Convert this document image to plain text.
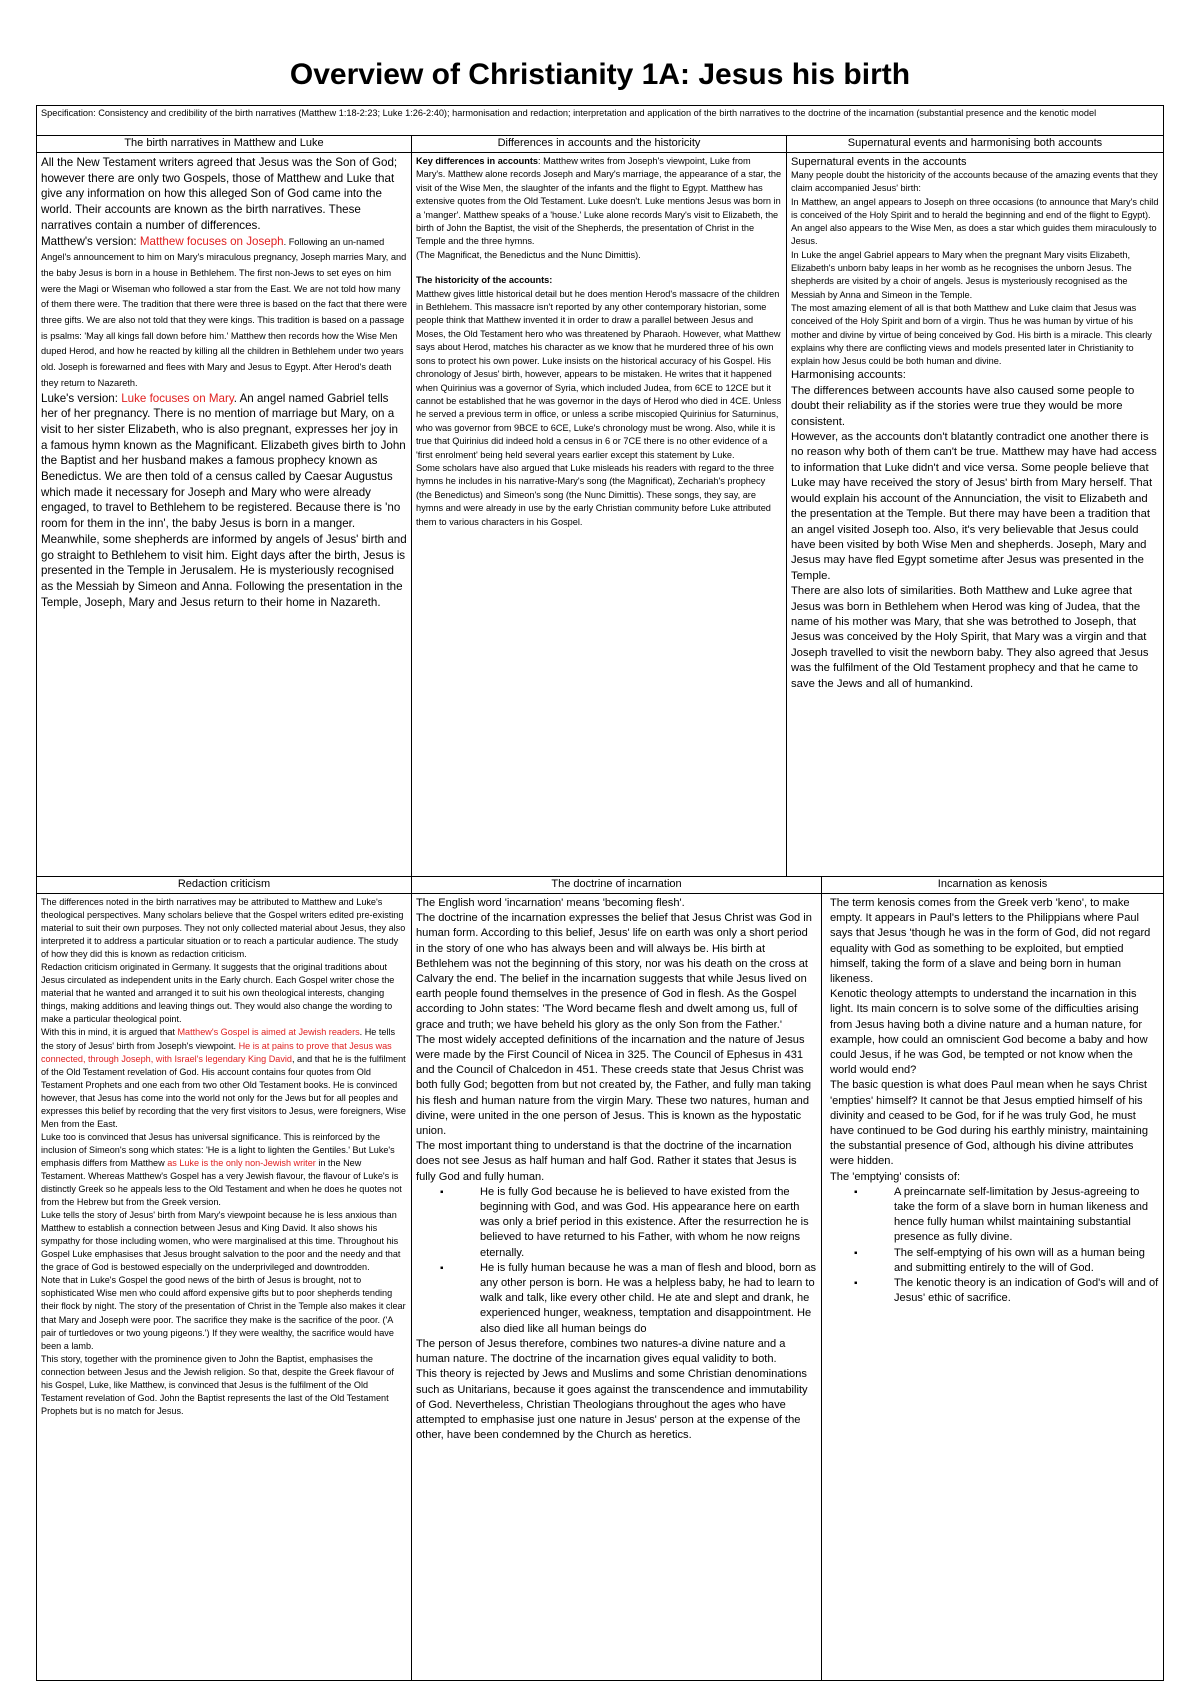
Overview of Christianity 1A: Jesus his birth
Specification: Consistency and credibility of the birth narratives (Matthew 1:18-2:23; Luke 1:26-2:40); harmonisation and redaction; interpretation and application of the birth narratives to the doctrine of the incarnation (substantial presence and the kenotic model
The birth narratives in Matthew and Luke

All the New Testament writers agreed that Jesus was the Son of God; however there are only two Gospels, those of Matthew and Luke that give any information on how this alleged Son of God came into the world. Their accounts are known as the birth narratives. These narratives contain a number of differences.

Matthew's version: Matthew focuses on Joseph. Following an un-named Angel's announcement to him on Mary's miraculous pregnancy, Joseph marries Mary, and the baby Jesus is born in a house in Bethlehem. The first non-Jews to set eyes on him were the Magi or Wiseman who followed a star from the East. We are not told how many of them there were. The tradition that there were three is based on the fact that there were three gifts. We are also not told that they were kings. This tradition is based on a passage is psalms: 'May all kings fall down before him.' Matthew then records how the Wise Men duped Herod, and how he reacted by killing all the children in Bethlehem under two years old. Joseph is forewarned and flees with Mary and Jesus to Egypt. After Herod's death they return to Nazareth.

Luke's version: Luke focuses on Mary. An angel named Gabriel tells her of her pregnancy. There is no mention of marriage but Mary, on a visit to her sister Elizabeth, who is also pregnant, expresses her joy in a famous hymn known as the Magnificant. Elizabeth gives birth to John the Baptist and her husband makes a famous prophecy known as Benedictus. We are then told of a census called by Caesar Augustus which made it necessary for Joseph and Mary who were already engaged, to travel to Bethlehem to be registered. Because there is 'no room for them in the inn', the baby Jesus is born in a manger. Meanwhile, some shepherds are informed by angels of Jesus' birth and go straight to Bethlehem to visit him. Eight days after the birth, Jesus is presented in the Temple in Jerusalem. He is mysteriously recognised as the Messiah by Simeon and Anna. Following the presentation in the Temple, Joseph, Mary and Jesus return to their home in Nazareth.

Differences in accounts and the historicity

Key differences in accounts: Matthew writes from Joseph's viewpoint, Luke from Mary's. Matthew alone records Joseph and Mary's marriage, the appearance of a star, the visit of the Wise Men, the slaughter of the infants and the flight to Egypt. Matthew has extensive quotes from the Old Testament. Luke doesn't. Luke mentions Jesus was born in a 'manger'. Matthew speaks of a 'house.' Luke alone records Mary's visit to Elizabeth, the birth of John the Baptist, the visit of the Shepherds, the presentation of Christ in the Temple and the three hymns.

(The Magnificat, the Benedictus and the Nunc Dimittis).

The historicity of the accounts:

Matthew gives little historical detail but he does mention Herod's massacre of the children in Bethlehem. This massacre isn't reported by any other contemporary historian, some people think that Matthew invented it in order to draw a parallel between Jesus and Moses, the Old Testament hero who was threatened by Pharaoh. However, what Matthew says about Herod, matches his character as we know that he murdered three of his own sons to protect his own power. Luke insists on the historical accuracy of his Gospel. His chronology of Jesus' birth, however, appears to be mistaken. He writes that it happened when Quirinius was a governor of Syria, which included Judea, from 6CE to 12CE but it cannot be established that he was governor in the days of Herod who died in 4CE. Unless he served a previous term in office, or unless a scribe miscopied Quirinius for Saturninus, who was governor from 9BCE to 6CE, Luke's chronology must be wrong. Also, while it is true that Quirinius did indeed hold a census in 6 or 7CE there is no other evidence of a 'first enrolment' being held several years earlier except this statement by Luke.

Some scholars have also argued that Luke misleads his readers with regard to the three hymns he includes in his narrative-Mary's song (the Magnificat), Zechariah's prophecy (the Benedictus) and Simeon's song (the Nunc Dimittis). These songs, they say, are hymns and were already in use by the early Christian community before Luke attributed them to various characters in his Gospel.

Supernatural events and harmonising both accounts

Supernatural events in the accounts

Many people doubt the historicity of the accounts because of the amazing events that they claim accompanied Jesus' birth:

In Matthew, an angel appears to Joseph on three occasions (to announce that Mary's child is conceived of the Holy Spirit and to herald the beginning and end of the flight to Egypt). An angel also appears to the Wise Men, as does a star which guides them miraculously to Jesus.

In Luke the angel Gabriel appears to Mary when the pregnant Mary visits Elizabeth, Elizabeth's unborn baby leaps in her womb as he recognises the unborn Jesus. The shepherds are visited by a choir of angels. Jesus is mysteriously recognised as the Messiah by Anna and Simeon in the Temple.

The most amazing element of all is that both Matthew and Luke claim that Jesus was conceived of the Holy Spirit and born of a virgin. Thus he was human by virtue of his mother and divine by virtue of being conceived by God. His birth is a miracle. This clearly explains why there are conflicting views and models presented later in Christianity to explain how Jesus could be both human and divine.

Harmonising accounts:

The differences between accounts have also caused some people to doubt their reliability as if the stories were true they would be more consistent.

However, as the accounts don't blatantly contradict one another there is no reason why both of them can't be true. Matthew may have had access to information that Luke didn't and vice versa. Some people believe that Luke may have received the story of Jesus' birth from Mary herself. That would explain his account of the Annunciation, the visit to Elizabeth and the presentation at the Temple. But there may have been a tradition that an angel visited Joseph too. Also, it's very believable that Jesus could have been visited by both Wise Men and shepherds. Joseph, Mary and Jesus may have fled Egypt sometime after Jesus was presented in the Temple.

There are also lots of similarities. Both Matthew and Luke agree that Jesus was born in Bethlehem when Herod was king of Judea, that the name of his mother was Mary, that she was betrothed to Joseph, that Jesus was conceived by the Holy Spirit, that Mary was a virgin and that Joseph travelled to visit the newborn baby. They also agreed that Jesus was the fulfilment of the Old Testament prophecy and that he came to save the Jews and all of humankind.

Redaction criticism

The differences noted in the birth narratives may be attributed to Matthew and Luke's theological perspectives. Many scholars believe that the Gospel writers edited pre-existing material to suit their own purposes. They not only collected material about Jesus, they also interpreted it to address a particular situation or to reach a particular audience. The study of how they did this is known as redaction criticism.

Redaction criticism originated in Germany. It suggests that the original traditions about Jesus circulated as independent units in the Early church. Each Gospel writer chose the material that he wanted and arranged it to suit his own theological interests, changing things, making additions and leaving things out. They would also change the wording to make a particular theological point.

With this in mind, it is argued that Matthew's Gospel is aimed at Jewish readers. He tells the story of Jesus' birth from Joseph's viewpoint. He is at pains to prove that Jesus was connected, through Joseph, with Israel's legendary King David, and that he is the fulfilment of the Old Testament revelation of God. His account contains four quotes from Old Testament Prophets and one each from two other Old Testament books. He is convinced however, that Jesus has come into the world not only for the Jews but for all peoples and expresses this belief by recording that the very first visitors to Jesus, were foreigners, Wise Men from the East.

Luke too is convinced that Jesus has universal significance. This is reinforced by the inclusion of Simeon's song which states: 'He is a light to lighten the Gentiles.' But Luke's emphasis differs from Matthew as Luke is the only non-Jewish writer in the New Testament. Whereas Matthew's Gospel has a very Jewish flavour, the flavour of Luke's is distinctly Greek so he appeals less to the Old Testament and when he does he quotes not from the Hebrew but from the Greek version.

Luke tells the story of Jesus' birth from Mary's viewpoint because he is less anxious than Matthew to establish a connection between Jesus and King David. It also shows his sympathy for those including women, who were marginalised at this time. Throughout his Gospel Luke emphasises that Jesus brought salvation to the poor and the needy and that the grace of God is bestowed especially on the underprivileged and downtrodden.

Note that in Luke's Gospel the good news of the birth of Jesus is brought, not to sophisticated Wise men who could afford expensive gifts but to poor shepherds tending their flock by night. The story of the presentation of Christ in the Temple also makes it clear that Mary and Joseph were poor. The sacrifice they make is the sacrifice of the poor. ('A pair of turtledoves or two young pigeons.') If they were wealthy, the sacrifice would have been a lamb.

This story, together with the prominence given to John the Baptist, emphasises the connection between Jesus and the Jewish religion. So that, despite the Greek flavour of his Gospel, Luke, like Matthew, is convinced that Jesus is the fulfilment of the Old Testament revelation of God. John the Baptist represents the last of the Old Testament Prophets but is no match for Jesus.

The doctrine of incarnation

The English word 'incarnation' means 'becoming flesh'.

The doctrine of the incarnation expresses the belief that Jesus Christ was God in human form. According to this belief, Jesus' life on earth was only a short period in the story of one who has always been and will always be. His birth at Bethlehem was not the beginning of this story, nor was his death on the cross at Calvary the end. The belief in the incarnation suggests that while Jesus lived on earth people found themselves in the presence of God in flesh. As the Gospel according to John states: 'The Word became flesh and dwelt among us, full of grace and truth; we have beheld his glory as the only Son from the Father.'

The most widely accepted definitions of the incarnation and the nature of Jesus were made by the First Council of Nicea in 325. The Council of Ephesus in 431 and the Council of Chalcedon in 451. These creeds state that Jesus Christ was both fully God; begotten from but not created by, the Father, and fully man taking his flesh and human nature from the virgin Mary. These two natures, human and divine, were united in the one person of Jesus. This is known as the hypostatic union.

The most important thing to understand is that the doctrine of the incarnation does not see Jesus as half human and half God. Rather it states that Jesus is fully God and fully human.

▪ He is fully God because he is believed to have existed from the beginning with God, and was God. His appearance here on earth was only a brief period in this existence. After the resurrection he is believed to have returned to his Father, with whom he now reigns eternally.
▪ He is fully human because he was a man of flesh and blood, born as any other person is born. He was a helpless baby, he had to learn to walk and talk, like every other child. He ate and slept and drank, he experienced hunger, weakness, temptation and disappointment. He also died like all human beings do

The person of Jesus therefore, combines two natures-a divine nature and a human nature. The doctrine of the incarnation gives equal validity to both.

This theory is rejected by Jews and Muslims and some Christian denominations such as Unitarians, because it goes against the transcendence and immutability of God. Nevertheless, Christian Theologians throughout the ages who have attempted to emphasise just one nature in Jesus' person at the expense of the other, have been condemned by the Church as heretics.

Incarnation as kenosis

The term kenosis comes from the Greek verb 'keno', to make empty. It appears in Paul's letters to the Philippians where Paul says that Jesus 'though he was in the form of God, did not regard equality with God as something to be exploited, but emptied himself, taking the form of a slave and being born in human likeness.

Kenotic theology attempts to understand the incarnation in this light. Its main concern is to solve some of the difficulties arising from Jesus having both a divine nature and a human nature, for example, how could an omniscient God become a baby and how could Jesus, if he was God, be tempted or not know when the world would end?

The basic question is what does Paul mean when he says Christ 'empties' himself? It cannot be that Jesus emptied himself of his divinity and ceased to be God, for if he was truly God, he must have continued to be God during his earthly ministry, maintaining the substantial presence of God, although his divine attributes were hidden.

The 'emptying' consists of:

▪ A preincarnate self-limitation by Jesus-agreeing to take the form of a slave born in human likeness and hence fully human whilst maintaining substantial presence as fully divine.
▪ The self-emptying of his own will as a human being and submitting entirely to the will of God.
▪ The kenotic theory is an indication of God's will and of Jesus' ethic of sacrifice.
